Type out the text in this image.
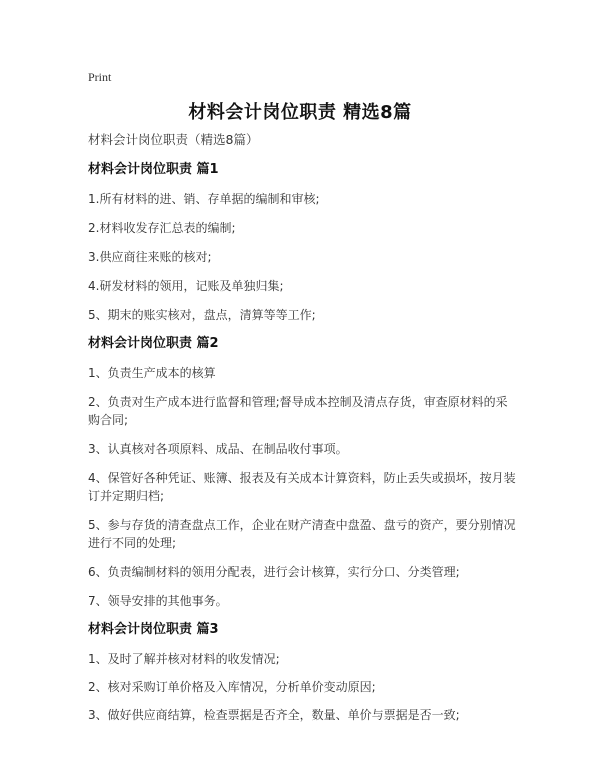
Print
材料会计岗位职责 精选8篇
材料会计岗位职责（精选8篇）
材料会计岗位职责 篇1
1.所有材料的进、销、存单据的编制和审核;
2.材料收发存汇总表的编制;
3.供应商往来账的核对;
4.研发材料的领用，记账及单独归集;
5、期末的账实核对，盘点，清算等等工作;
材料会计岗位职责 篇2
1、负责生产成本的核算
2、负责对生产成本进行监督和管理;督导成本控制及清点存货，审查原材料的采购合同;
3、认真核对各项原料、成品、在制品收付事项。
4、保管好各种凭证、账簿、报表及有关成本计算资料，防止丢失或损坏，按月装订并定期归档;
5、参与存货的清查盘点工作，企业在财产清查中盘盈、盘亏的资产，要分别情况进行不同的处理;
6、负责编制材料的领用分配表，进行会计核算，实行分口、分类管理;
7、领导安排的其他事务。
材料会计岗位职责 篇3
1、及时了解并核对材料的收发情况;
2、核对采购订单价格及入库情况，分析单价变动原因;
3、做好供应商结算，检查票据是否齐全，数量、单价与票据是否一致;
